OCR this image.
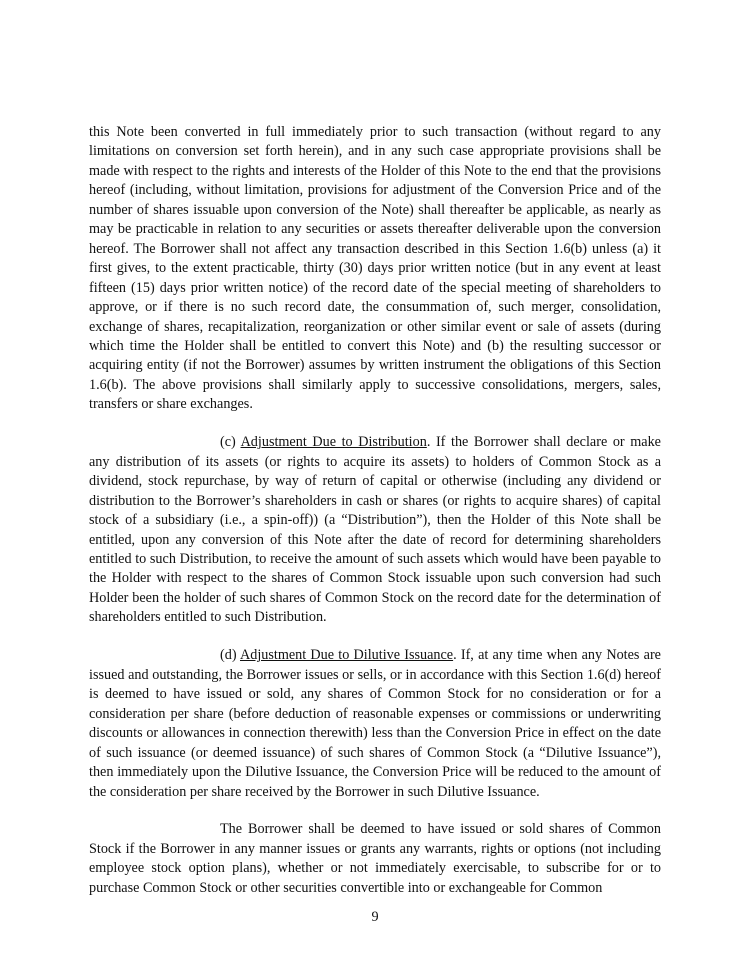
this Note been converted in full immediately prior to such transaction (without regard to any limitations on conversion set forth herein), and in any such case appropriate provisions shall be made with respect to the rights and interests of the Holder of this Note to the end that the provisions hereof (including, without limitation, provisions for adjustment of the Conversion Price and of the number of shares issuable upon conversion of the Note) shall thereafter be applicable, as nearly as may be practicable in relation to any securities or assets thereafter deliverable upon the conversion hereof. The Borrower shall not affect any transaction described in this Section 1.6(b) unless (a) it first gives, to the extent practicable, thirty (30) days prior written notice (but in any event at least fifteen (15) days prior written notice) of the record date of the special meeting of shareholders to approve, or if there is no such record date, the consummation of, such merger, consolidation, exchange of shares, recapitalization, reorganization or other similar event or sale of assets (during which time the Holder shall be entitled to convert this Note) and (b) the resulting successor or acquiring entity (if not the Borrower) assumes by written instrument the obligations of this Section 1.6(b). The above provisions shall similarly apply to successive consolidations, mergers, sales, transfers or share exchanges.

(c) Adjustment Due to Distribution. If the Borrower shall declare or make any distribution of its assets (or rights to acquire its assets) to holders of Common Stock as a dividend, stock repurchase, by way of return of capital or otherwise (including any dividend or distribution to the Borrower’s shareholders in cash or shares (or rights to acquire shares) of capital stock of a subsidiary (i.e., a spin-off)) (a “Distribution”), then the Holder of this Note shall be entitled, upon any conversion of this Note after the date of record for determining shareholders entitled to such Distribution, to receive the amount of such assets which would have been payable to the Holder with respect to the shares of Common Stock issuable upon such conversion had such Holder been the holder of such shares of Common Stock on the record date for the determination of shareholders entitled to such Distribution.

(d) Adjustment Due to Dilutive Issuance. If, at any time when any Notes are issued and outstanding, the Borrower issues or sells, or in accordance with this Section 1.6(d) hereof is deemed to have issued or sold, any shares of Common Stock for no consideration or for a consideration per share (before deduction of reasonable expenses or commissions or underwriting discounts or allowances in connection therewith) less than the Conversion Price in effect on the date of such issuance (or deemed issuance) of such shares of Common Stock (a “Dilutive Issuance”), then immediately upon the Dilutive Issuance, the Conversion Price will be reduced to the amount of the consideration per share received by the Borrower in such Dilutive Issuance.

The Borrower shall be deemed to have issued or sold shares of Common Stock if the Borrower in any manner issues or grants any warrants, rights or options (not including employee stock option plans), whether or not immediately exercisable, to subscribe for or to purchase Common Stock or other securities convertible into or exchangeable for Common

9
